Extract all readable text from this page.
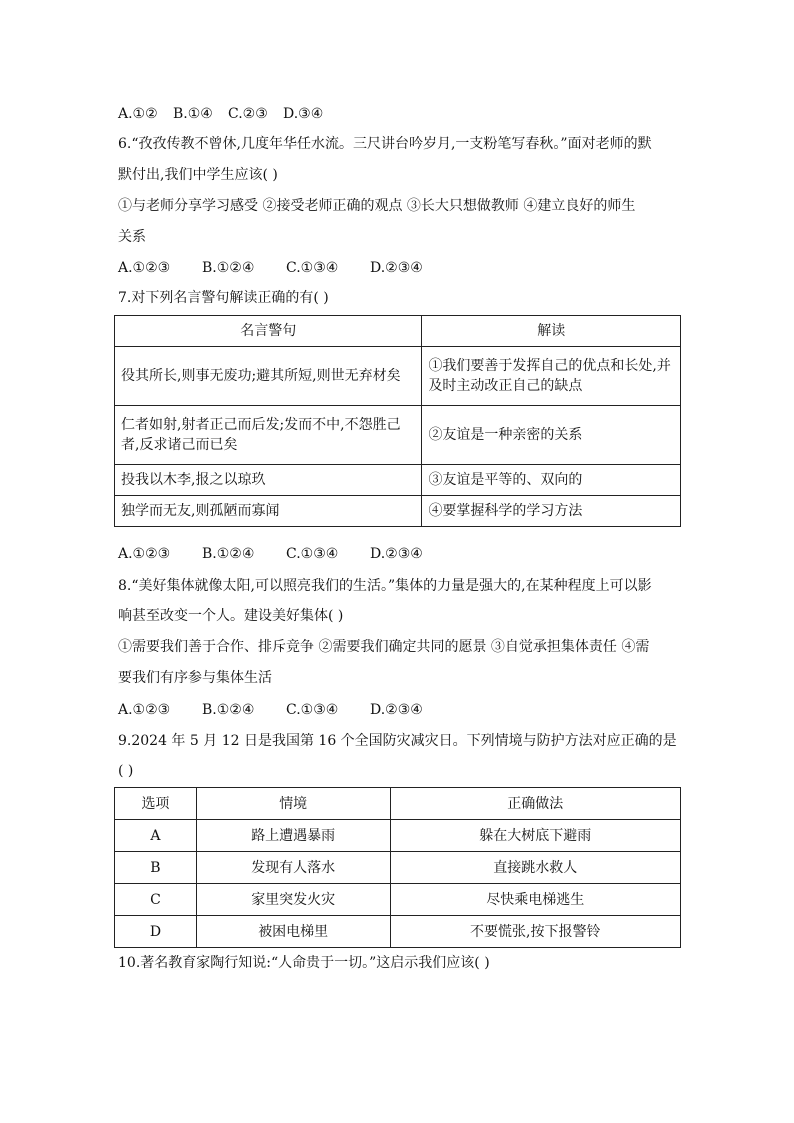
A.①② B.①④ C.②③ D.③④
6.“孜孜传教不曾休,几度年华任水流。三尺讲台吟岁月,一支粉笔写春秋。”面对老师的默
默付出,我们中学生应该( )
①与老师分享学习感受 ②接受老师正确的观点 ③长大只想做教师 ④建立良好的师生
关系
A.①②③ B.①②④ C.①③④ D.②③④
7.对下列名言警句解读正确的有( )
名言警句	解读
役其所长,则事无废功;避其所短,则世无弃材矣	①我们要善于发挥自己的优点和长处,并及时主动改正自己的缺点
仁者如射,射者正己而后发;发而不中,不怨胜己者,反求诸己而已矣	②友谊是一种亲密的关系
投我以木李,报之以琼玖	③友谊是平等的、双向的
独学而无友,则孤陋而寡闻	④要掌握科学的学习方法
A.①②③ B.①②④ C.①③④ D.②③④
8.“美好集体就像太阳,可以照亮我们的生活。”集体的力量是强大的,在某种程度上可以影
响甚至改变一个人。建设美好集体( )
①需要我们善于合作、排斥竞争 ②需要我们确定共同的愿景 ③自觉承担集体责任 ④需
要我们有序参与集体生活
A.①②③ B.①②④ C.①③④ D.②③④
9.2024 年 5 月 12 日是我国第 16 个全国防灾减灾日。下列情境与防护方法对应正确的是
( )
选项	情境	正确做法
A	路上遭遇暴雨	躲在大树底下避雨
B	发现有人落水	直接跳水救人
C	家里突发火灾	尽快乘电梯逃生
D	被困电梯里	不要慌张,按下报警铃
10.著名教育家陶行知说:“人命贵于一切。”这启示我们应该( )
